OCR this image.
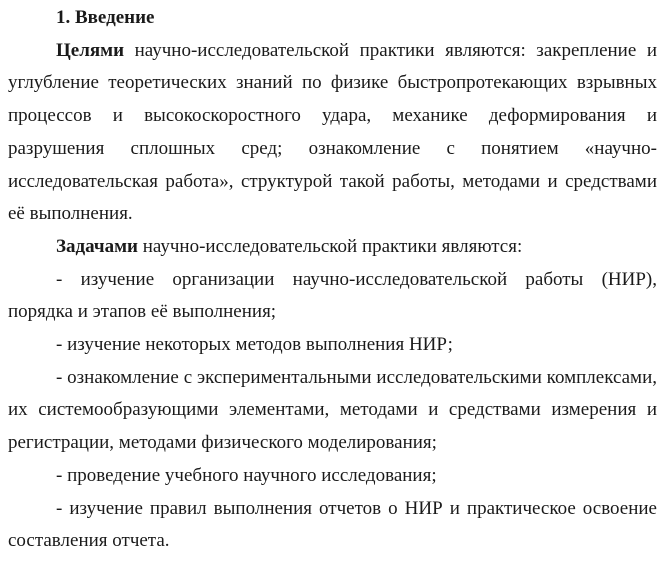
1. Введение

Целями научно-исследовательской практики являются: закрепление и углубление теоретических знаний по физике быстропротекающих взрывных процессов и высокоскоростного удара, механике деформирования и разрушения сплошных сред; ознакомление с понятием «научно-исследовательская работа», структурой такой работы, методами и средствами её выполнения.

Задачами научно-исследовательской практики являются:

- изучение организации научно-исследовательской работы (НИР), порядка и этапов её выполнения;

- изучение некоторых методов выполнения НИР;

- ознакомление с экспериментальными исследовательскими комплексами, их системообразующими элементами, методами и средствами измерения и регистрации, методами физического моделирования;

- проведение учебного научного исследования;

- изучение правил выполнения отчетов о НИР и практическое освоение составления отчета.
